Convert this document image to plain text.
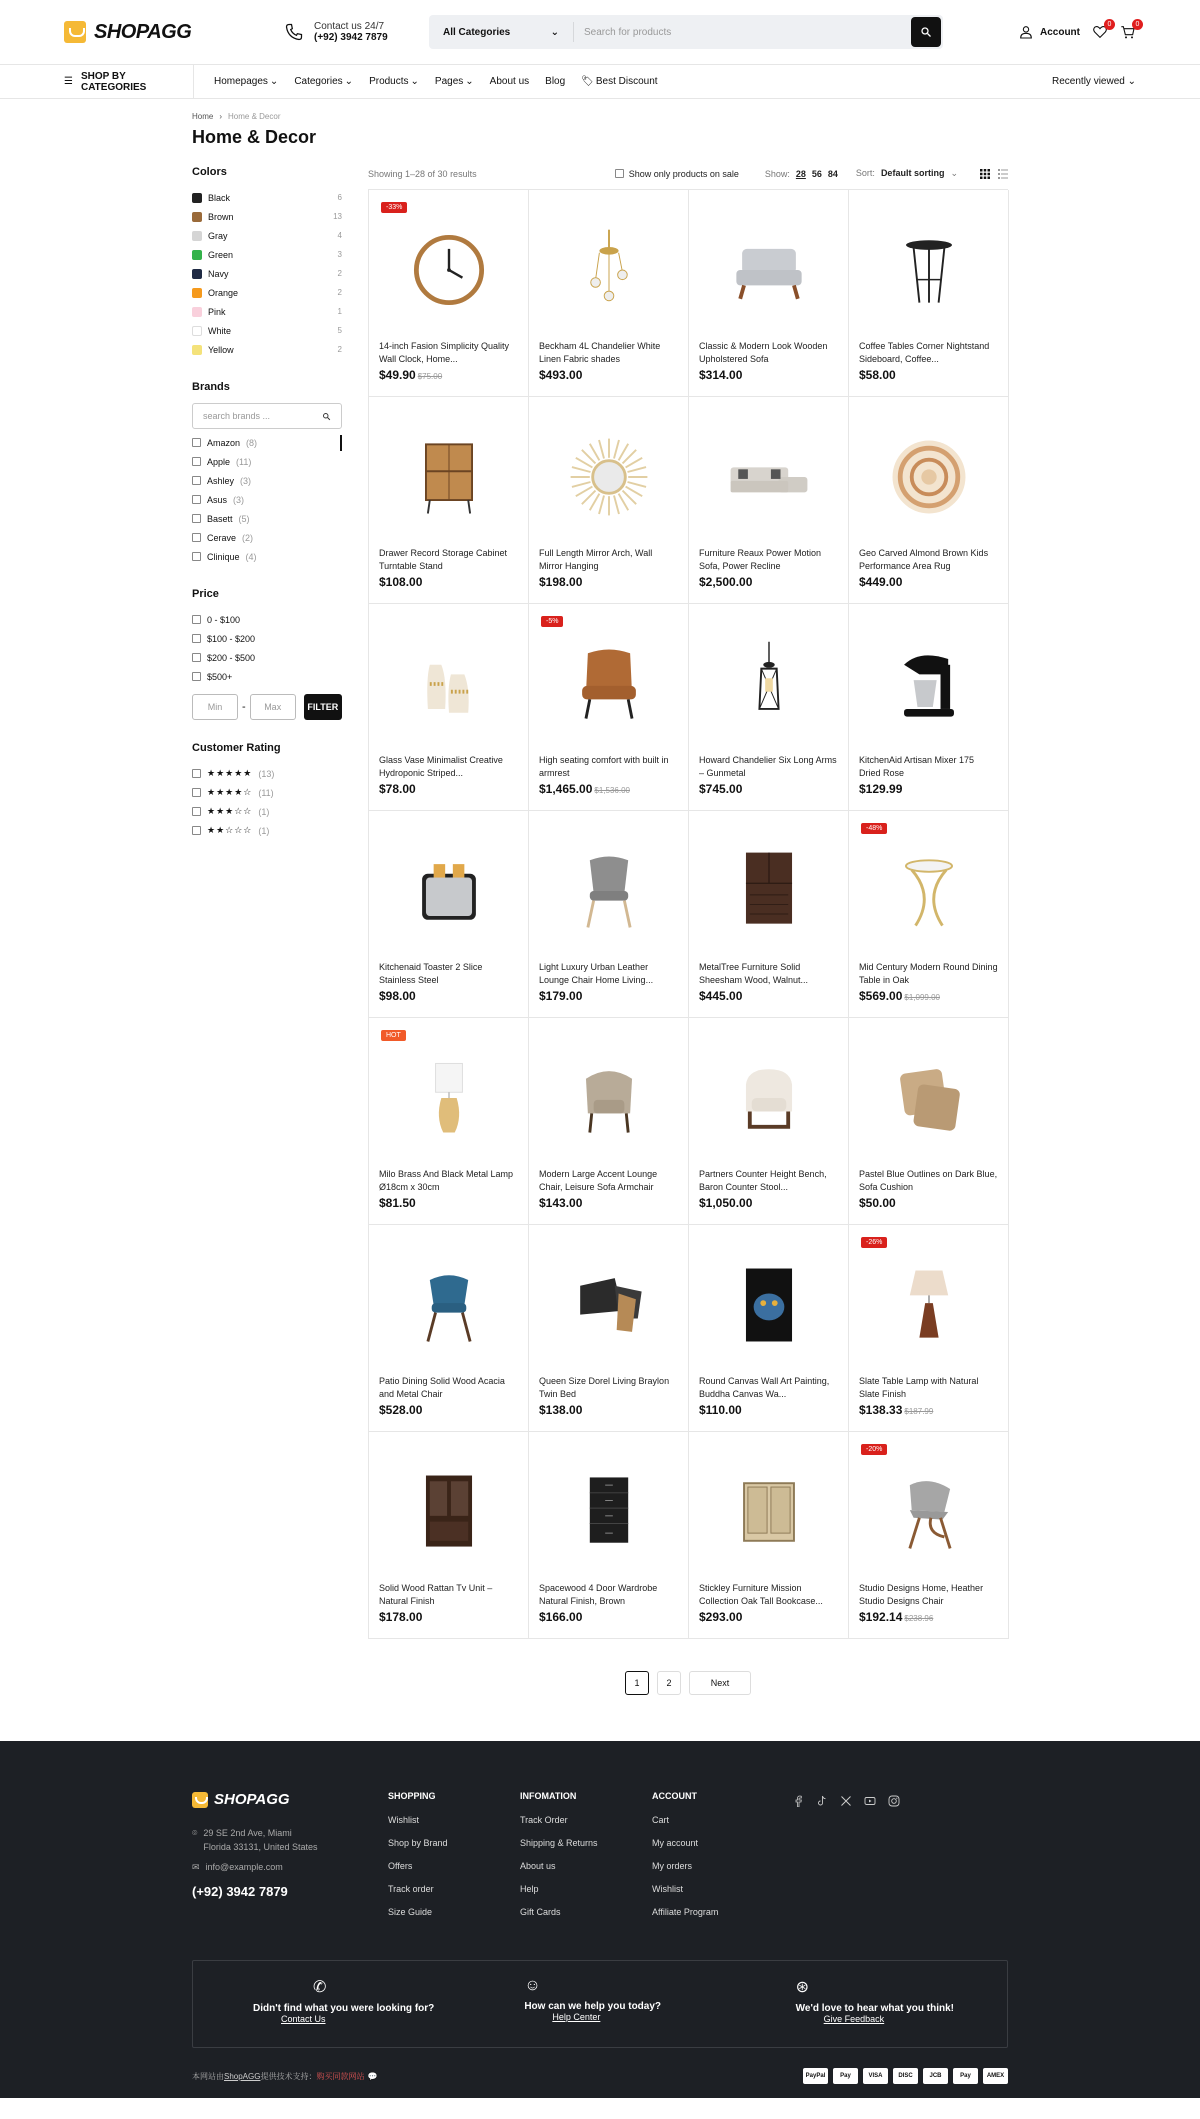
SHOPAGG	Contact us 24/7
(+92) 3942 7879	All Categories	⌄	Search for products	Account
0	0
☰ SHOP BY CATEGORIES	Homepages ⌄ Categories ⌄ Products ⌄ Pages ⌄ About us Blog 🏷 Best Discount	Recently viewed ⌄
Home › Home & Decor
Home & Decor
Colors
Black	6
Brown	13
Gray	4
Green	3
Navy	2
Orange	2
Pink	1
White	5
Yellow	2
Brands
search brands ...
Amazon (8)
Apple (11)
Ashley (3)
Asus (3)
Basett (5)
Cerave (2)
Clinique (4)
Price
0 - $100
$100 - $200
$200 - $500
$500+
Min	-	Max	FILTER
Customer Rating
★★★★★ (13)
★★★★☆ (11)
★★★☆☆ (1)
★★☆☆☆ (1)
Showing 1–28 of 30 results	Show only products on sale	Show: 28 56 84 Sort: Default sorting ⌄
-33%
14-inch Fasion Simplicity Quality Wall Clock, Home...
$49.90 $75.00
Beckham 4L Chandelier White Linen Fabric shades
$493.00
Classic & Modern Look Wooden Upholstered Sofa
$314.00
Coffee Tables Corner Nightstand Sideboard, Coffee...
$58.00
Drawer Record Storage Cabinet Turntable Stand
$108.00
Full Length Mirror Arch, Wall Mirror Hanging
$198.00
Furniture Reaux Power Motion Sofa, Power Recline
$2,500.00
Geo Carved Almond Brown Kids Performance Area Rug
$449.00
Glass Vase Minimalist Creative Hydroponic Striped...
$78.00
-5%
High seating comfort with built in armrest
$1,465.00 $1,536.00
Howard Chandelier Six Long Arms – Gunmetal
$745.00
KitchenAid Artisan Mixer 175 Dried Rose
$129.99
Kitchenaid Toaster 2 Slice Stainless Steel
$98.00
Light Luxury Urban Leather Lounge Chair Home Living...
$179.00
MetalTree Furniture Solid Sheesham Wood, Walnut...
$445.00
-48%
Mid Century Modern Round Dining Table in Oak
$569.00 $1,099.00
HOT
Milo Brass And Black Metal Lamp Ø18cm x 30cm
$81.50
Modern Large Accent Lounge Chair, Leisure Sofa Armchair
$143.00
Partners Counter Height Bench, Baron Counter Stool...
$1,050.00
Pastel Blue Outlines on Dark Blue, Sofa Cushion
$50.00
Patio Dining Solid Wood Acacia and Metal Chair
$528.00
Queen Size Dorel Living Braylon Twin Bed
$138.00
Round Canvas Wall Art Painting, Buddha Canvas Wa...
$110.00
-26%
Slate Table Lamp with Natural Slate Finish
$138.33 $187.99
Solid Wood Rattan Tv Unit – Natural Finish
$178.00
Spacewood 4 Door Wardrobe Natural Finish, Brown
$166.00
Stickley Furniture Mission Collection Oak Tall Bookcase...
$293.00
-20%
Studio Designs Home, Heather Studio Designs Chair
$192.14 $238.96
1	2	Next
SHOPAGG
⌾ 29 SE 2nd Ave, Miami
Florida 33131, United States
✉ info@example.com
(+92) 3942 7879
SHOPPING
Wishlist
Shop by Brand
Offers
Track order
Size Guide
INFOMATION
Track Order
Shipping & Returns
About us
Help
Gift Cards
ACCOUNT
Cart
My account
My orders
Wishlist
Affiliate Program
✆
Didn't find what you were looking for?
Contact Us
☺
How can we help you today?
Help Center
⊛
We'd love to hear what you think!
Give Feedback
本网站由 ShopAGG 提供技术支持： 购买同款网站 💬	PayPal	Pay	VISA	DISC	JCB	Pay	AMEX
